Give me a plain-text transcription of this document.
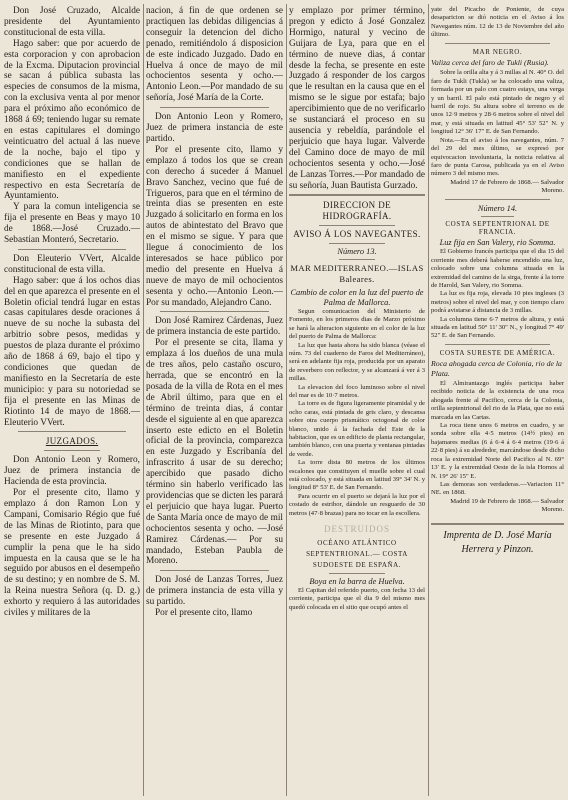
Don José Cruzado, Alcalde presidente del Ayuntamiento constitucional de esta villa.

Hago saber: que por acuerdo de esta corporacion y con aprobacion de la Excma. Diputacion provincial se sacan á pública subasta las especies de consumos de la misma, con la exclusiva venta al por menor para el próximo año económico de 1868 á 69; teniendo lugar su remate en estas capitulares el domingo veinticuatro del actual á las nueve de la noche, bajo el tipo y condiciones que se hallan de manifiesto en el expediente respectivo en esta Secretaría de Ayuntamiento.

Y para la comun inteligencia se fija el presente en Beas y mayo 10 de 1868.—José Cruzado.—Sebastian Monteró, Secretario.

Don Eleuterio VVert, Alcalde constitucional de esta villa.

Hago saber: que á los ochos dias del en que aparezca el presente en el Boletin oficial tendrá lugar en estas casas capitulares desde oraciones á nueve de su noche la subasta del arbitrio sobre pesos, medidas y puestos de plaza durante el próximo año de 1868 á 69, bajo el tipo y condiciones que quedan de manifiesto en la Secretaría de este municipio: y para su notoriedad se fija el presente en las Minas de Riotinto 14 de mayo de 1868.—Eleuterio VVert.

JUZGADOS.

Don Antonio Leon y Romero, Juez de primera instancia de Hacienda de esta provincia.

Por el presente cito, llamo y emplazo á don Ramon Lon y Campani, Comisario Régio que fué de las Minas de Riotinto, para que se presente en este Juzgado á cumplir la pena que le ha sido impuesta en la causa que se le ha seguido por abusos en el desempeño de su destino; y en nombre de S. M. la Reina nuestra Señora (q. D. g.) exhorto y requiero á las autoridades civiles y militares de la

nacion, á fin de que ordenen se practiquen las debidas diligencias á conseguir la detencion del dicho penado, remitiéndolo á disposicion de este indicado Juzgado. Dado en Huelva á once de mayo de mil ochocientos sesenta y ocho.—Antonio Leon.—Por mandado de su señoría, José María de la Corte.

Don Antonio Leon y Romero, Juez de primera instancia de este partido.

Por el presente cito, llamo y emplazo á todos los que se crean con derecho á suceder á Manuel Bravo Sanchez, vecino que fué de Trigueros, para que en el término de treinta dias se presenten en este Juzgado á solicitarlo en forma en los autos de abintestato del Bravo que en el mismo se sigue. Y para que llegue á conocimiento de los interesados se hace público por medio del presente en Huelva á nueve de mayo de mil ochocientos sesenta y ocho.—Antonio Leon.—Por su mandado, Alejandro Cano.

Don José Ramirez Cárdenas, Juez de primera instancia de este partido.

Por el presente se cita, llama y emplaza á los dueños de una mula de tres años, pelo castaño oscuro, herrada, que se encontró en la posada de la villa de Rota en el mes de Abril último, para que en el término de treinta dias, á contar desde el siguiente al en que aparezca inserto este edicto en el Boletin oficial de la provincia, comparezca en este Juzgado y Escribanía del infrascrito á usar de su derecho; apercibido que pasado dicho término sin haberlo verificado las providencias que se dicten les parará el perjuicio que haya lugar. Puerto de Santa María once de mayo de mil ochocientos sesenta y ocho. —José Ramirez Cárdenas.— Por su mandado, Esteban Paubla de Moreno.

Don José de Lanzas Torres, Juez de primera instancia de esta villa y su partido.

Por el presente cito, llamo

y emplazo por primer término, pregon y edicto á José Gonzalez Hormigo, natural y vecino de Guijara de Lya, para que en el término de nueve dias, á contar desde la fecha, se presente en este Juzgado á responder de los cargos que le resultan en la causa que en el mismo se le sigue por estafa; bajo apercibimiento que de no verificarlo se sustanciará el proceso en su ausencia y rebeldía, parándole el perjuicio que haya lugar. Valverde del Camino doce de mayo de mil ochocientos sesenta y ocho.—José de Lanzas Torres.—Por mandado de su señoría, Juan Bautista Gurzado.

DIRECCION DE HIDROGRAFÍA.
AVISO Á LOS NAVEGANTES.
Número 13.
MAR MEDITERRANEO.—ISLAS Baleares.
Cambio de color en la luz del puerto de Palma de Mallorca.

Segun comunicacion del Ministerio de Fomento, en los primeros dias de Marzo próximo se hará la alteracion siguiente en el color de la luz del puerto de Palma de Mallorca:

La luz que hasta ahora ha sido blanca (véase el núm. 73 del cuaderno de Faros del Mediterráneo), será en adelante fija roja, producida por un aparato de reverbero con reflector, y se alcanzará á ver á 3 millas.

La elevacion del foco luminoso sobre el nivel del mar es de 10·7 metros.

La torre es de figura ligeramente piramidal y de ocho caras, está pintada de gris claro, y descansa sobre otra cuerpo prismático octogonal de color blanco, unido á la fachada del Este de la habitacion, que es un edificio de planta rectangular, también blanco, con una puerta y ventanas pintadas de verde.

La torre dista 80 metros de los últimos escalones que constituyen el muelle sobre el cual está colocado, y está situada en latitud 39° 34' N. y longitud 8° 53' E. de San Fernando.

Para ocurrir en el puerto se dejará la luz por el costado de estribor, dándole un resguardo de 30 metros (47·8 brazas) para no tocar en la escollera.

DESTRUIDOS
OCÉANO ATLÁNTICO SEPTENTRIONAL.— COSTA SUDOESTE DE ESPAÑA.
Boya en la barra de Huelva.

El Capitan del referido puerto, con fecha 13 del corriente, participa que el dia 9 del mismo mes quedó colocada en el sitio que ocupó antes el

yate del Picacho de Poniente, de cuya desaparicion se dió noticia en el Aviso á los Navegantes núm. 12 de 13 de Noviembre del año último.

MAR NEGRO.
Valiza cerca del faro de Tukli (Rusia).

Sobre la orilla alta y á 3 millas al N. 40° O. del faro de Tukli (Tukla) se ha colocado una valiza, formada por un palo con cuatro estays, una verga y un barril. El palo está pintado de negro y el barril de rojo. Su altura sobre el terreno es de unos 12·9 metros y 28·6 metros sobre el nivel del mar, y está situada en latitud 45° 53' 52" N. y longitud 12° 36' 17" E. de San Fernando.

Nota.—En el aviso á los navegantes, núm. 7 del 29 del mes último, se expresó por equivocacion involuntaria, la noticia relativa al faro de punta Carosa, publicada ya en el Aviso número 3 del mismo mes.

Madrid 17 de Febrero de 1868.— Salvador Moreno.

Número 14.
COSTA SEPTENTRIONAL DE FRANCIA.
Luz fija en San Valery, rio Somma.

El Gobierno francés participa que el dia 15 del corriente mes deberá haberse encendido una luz, colocado sobre una columna situada en la extremidad del camino de la sirga, frente á la torre de Harold, San Valery, rio Somma.

La luz es fija roja, elevada 10 pies ingleses (3 metros) sobre el nivel del mar, y con tiempo claro podrá avistarse á distancia de 3 millas.

La columna tiene 6·7 metros de altura, y está situada en latitud 50° 11' 30" N., y longitud 7° 49' 52" E. de San Fernando.

COSTA SURESTE DE AMÉRICA.
Roca ahogada cerca de Colonia, rio de la Plata.

El Almirantazgo inglés participa haber recibido noticia de la existencia de una roca ahogada frente al Pacifico, cerca de la Colonia, orilla septentrional del rio de la Plata, que no está marcada en las Cartas.

La roca tiene unos 6 metros en cuadro, y se sonda sobre ella 4·5 metros (14½ pies) en bajamares medias (6 á 6·4 á 6·4 metros (19·6 á 22·8 pies) á su alrededor, marcándose desde dicho roca la extremidad Norte del Pacifico al N. 69° 13' E. y la extremidad Oeste de la isla Hornos al N. 19° 26' 15" E.

Las demoras son verdaderas.—Variacion 11° NE. en 1868.

Madrid 19 de Febrero de 1868.— Salvador Moreno.

Imprenta de D. José María
Herrera y Pinzon.
